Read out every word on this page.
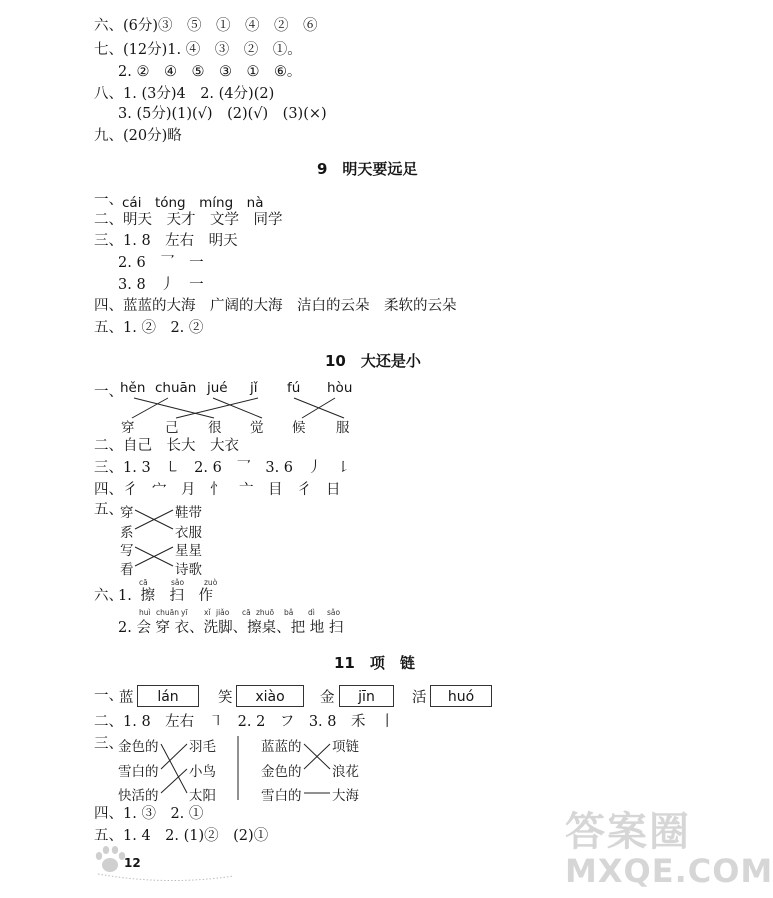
六、(6分)③　⑤　①　④　②　⑥
七、(12分)1. ④　③　②　①。
2. ②　④　⑤　③　①　⑥。
八、1. (3分)4　2. (4分)(2)
3. (5分)(1)(√)　(2)(√)　(3)(×)
九、(20分)略
9　明天要远足
一、 cái　tóng　míng　nà
二、明天　天才　文学　同学
三、1. 8　左右　明天
2. 6　乛　一
3. 8　丿　一
四、蓝蓝的大海　广阔的大海　洁白的云朵　柔软的云朵
五、1. ②　2. ②
10　大还是小
一、
hěn chuān jué jǐ fú hòu
穿 己 很 觉 候 服
二、自己　长大　大衣
三、1. 3　㇄　2. 6　乛　3. 6　丿　㇙
四、彳　宀　月　忄　亠　目　彳　日
五、
穿
系
写
看
鞋带
衣服
星星
诗歌
六、
cā	sǎo	zuò
1. 擦　扫　作
huì chuān yī xǐ jiǎo cā zhuō bǎ dì sǎo
2. 会 穿 衣、洗脚、擦桌、把 地 扫
11　项　链
一、
蓝	lán	笑	xiào	金	jīn	活	huó
二、1. 8　左右　㇕　2. 2　フ　3. 8　禾　丨
三、
金色的
雪白的
快活的
羽毛
小鸟
太阳
蓝蓝的
金色的
雪白的
项链
浪花
大海
四、1. ③　2. ①
五、1. 4　2. (1)②　(2)①
12
答案圈
MXQE.COM
